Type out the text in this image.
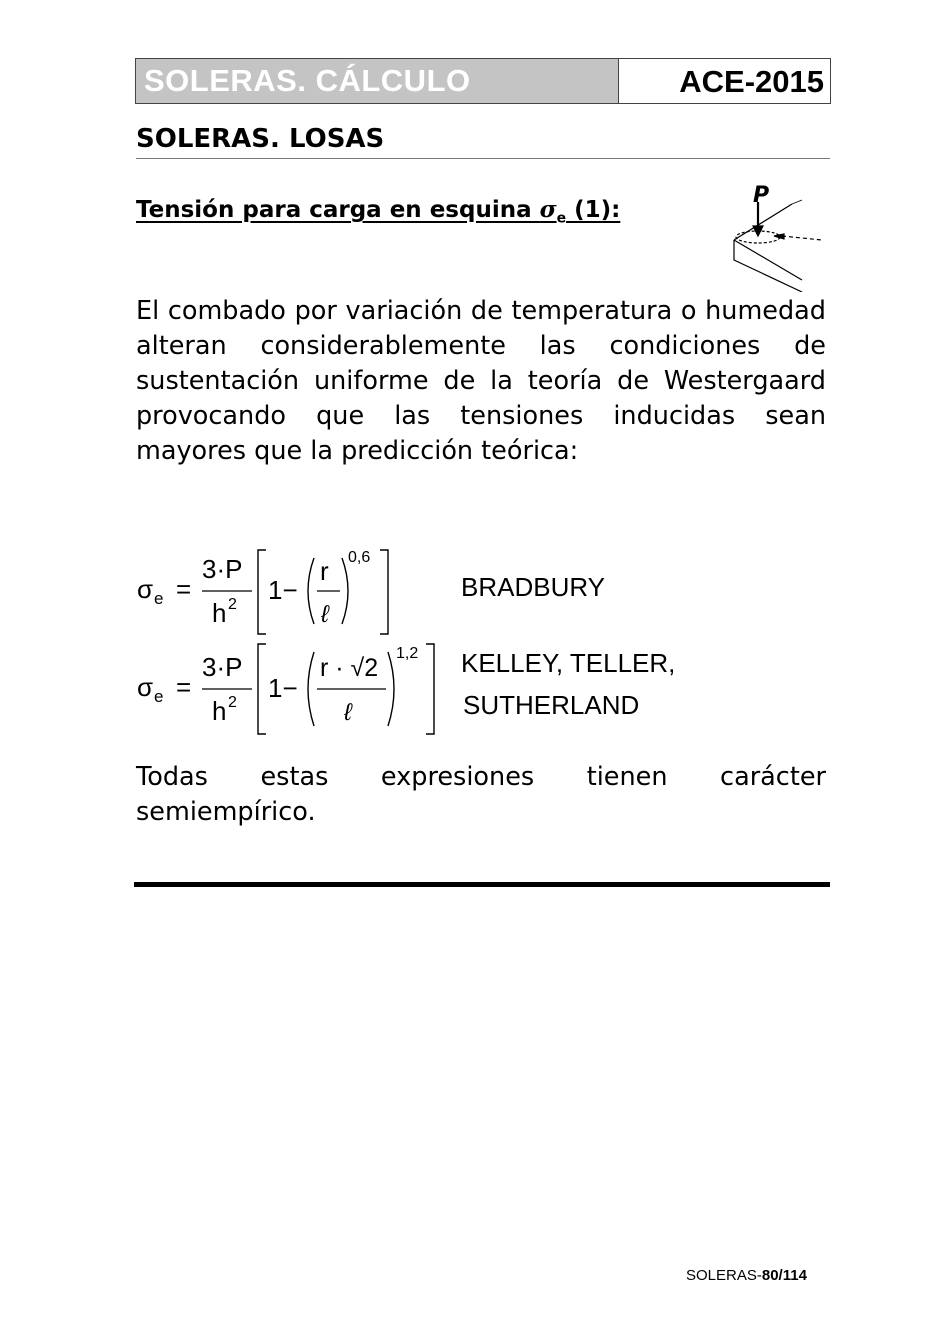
SOLERAS. CÁLCULO	ACE-2015
SOLERAS. LOSAS
Tensión para carga en esquina $\sigma_e$ (1):
P
El combado por variación de temperatura o humedad alteran considerablemente las condiciones de sustentación uniforme de la teoría de Westergaard provocando que las tensiones inducidas sean mayores que la predicción teórica:
σ e =
3·P
h 2 1−
r
ℓ
0,6
BRADBURY
σ e =
3·P
h 2 1−
r · √2
ℓ
1,2 KELLEY, TELLER,
SUTHERLAND
Todas estas expresiones tienen carácter semiempírico.
SOLERAS-80/114
